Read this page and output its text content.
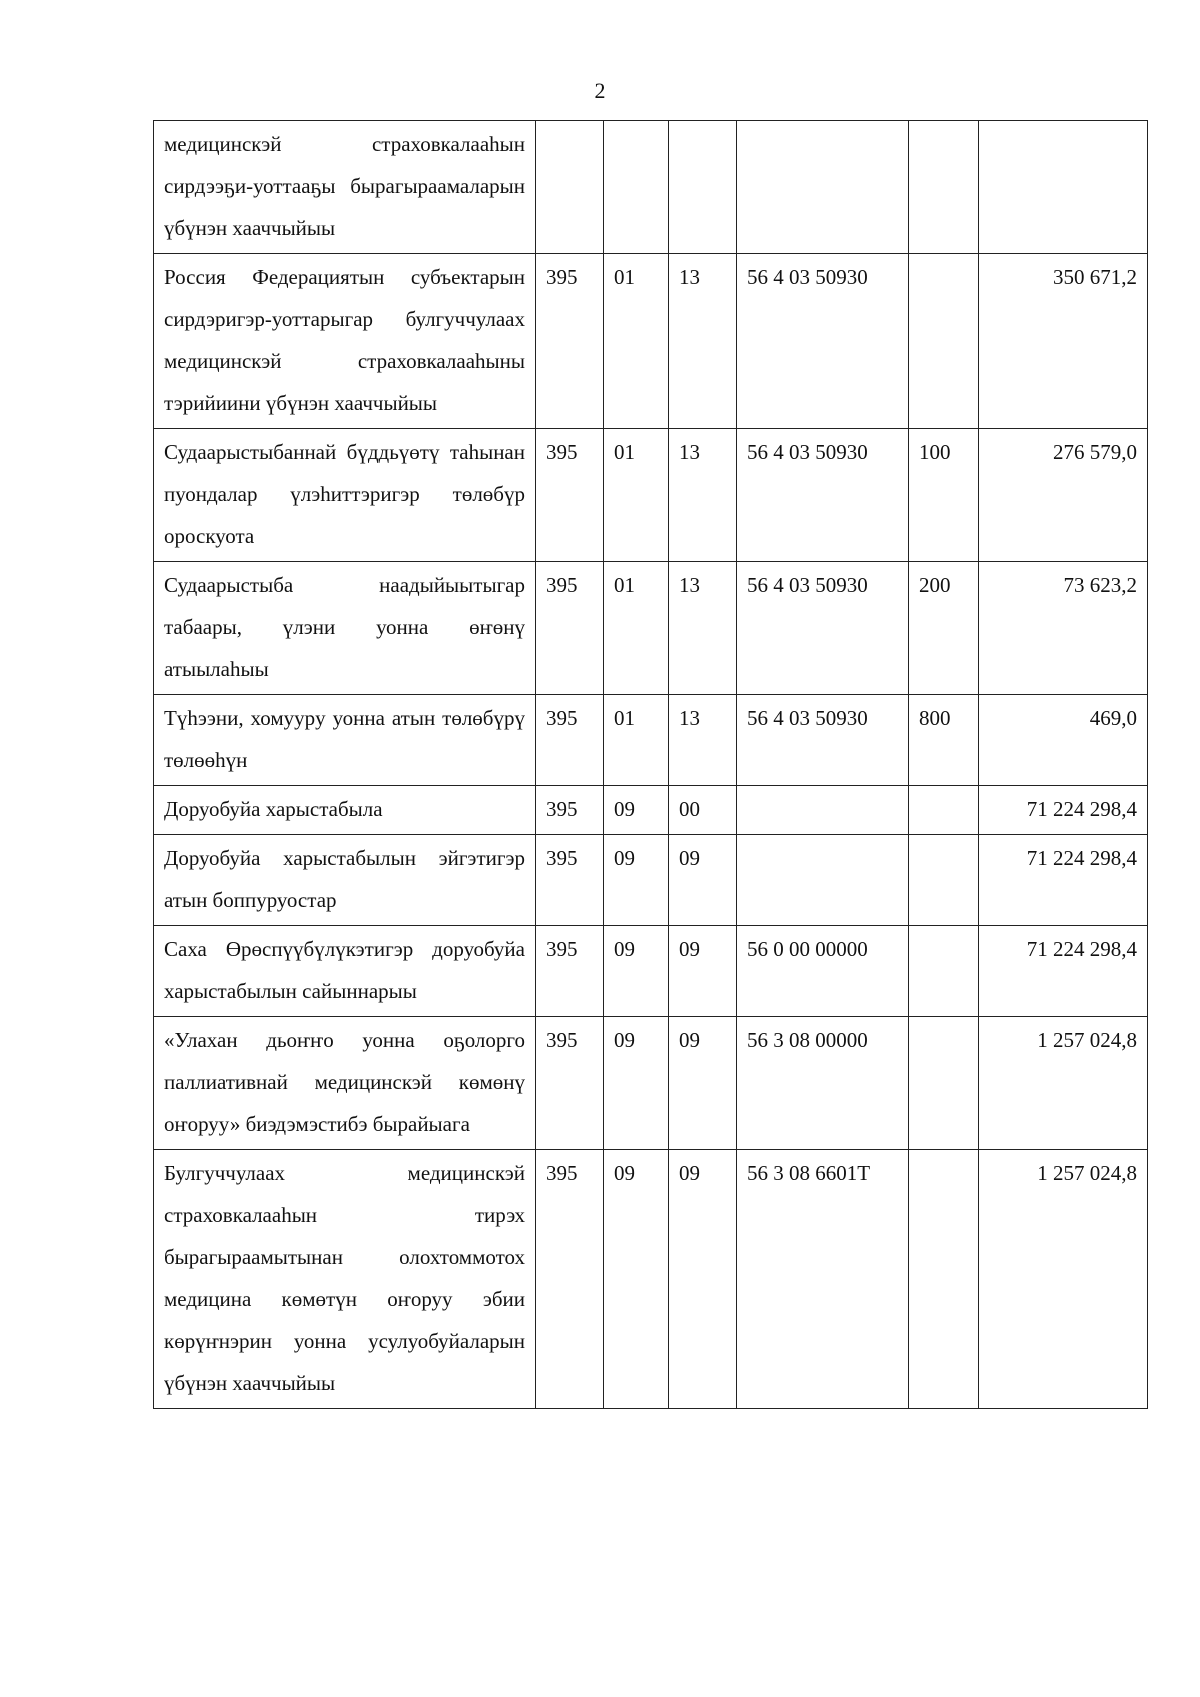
2
медицинскэй страховкалааһын сирдээҕи-уоттааҕы бырагыраамаларын үбүнэн хааччыйыы						
Россия Федерациятын субъектарын сирдэригэр-уоттарыгар булгуччулаах медицинскэй страховкалааһыны тэрийиини үбүнэн хааччыйыы	395	01	13	56 4 03 50930		350 671,2
Судаарыстыбаннай бүддьүөтү таһынан пуондалар үлэһиттэригэр төлөбүр ороскуота	395	01	13	56 4 03 50930	100	276 579,0
Судаарыстыба наадыйыытыгар табаары, үлэни уонна өҥөнү атыылаһыы	395	01	13	56 4 03 50930	200	73 623,2
Түһээни, хомуурy уонна атын төлөбүрү төлөөһүн	395	01	13	56 4 03 50930	800	469,0
Доруобуйа харыстабыла	395	09	00			71 224 298,4
Доруобуйа харыстабылын эйгэтигэр атын боппуруостар	395	09	09			71 224 298,4
Саха Өрөспүүбүлүкэтигэр доруобуйа харыстабылын сайыннарыы	395	09	09	56 0 00 00000		71 224 298,4
«Улахан дьоҥҥо уонна оҕолорго паллиативнай медицинскэй көмөнү оҥоруу» биэдэмэстибэ бырайыага	395	09	09	56 3 08 00000		1 257 024,8
Булгуччулаах медицинскэй страховкалааһын тирэх бырагыраамытынан олохтоммотох медицина көмөтүн оҥоруу эбии көрүҥнэрин уонна усулуобуйаларын үбүнэн хааччыйыы	395	09	09	56 3 08 6601Т		1 257 024,8
